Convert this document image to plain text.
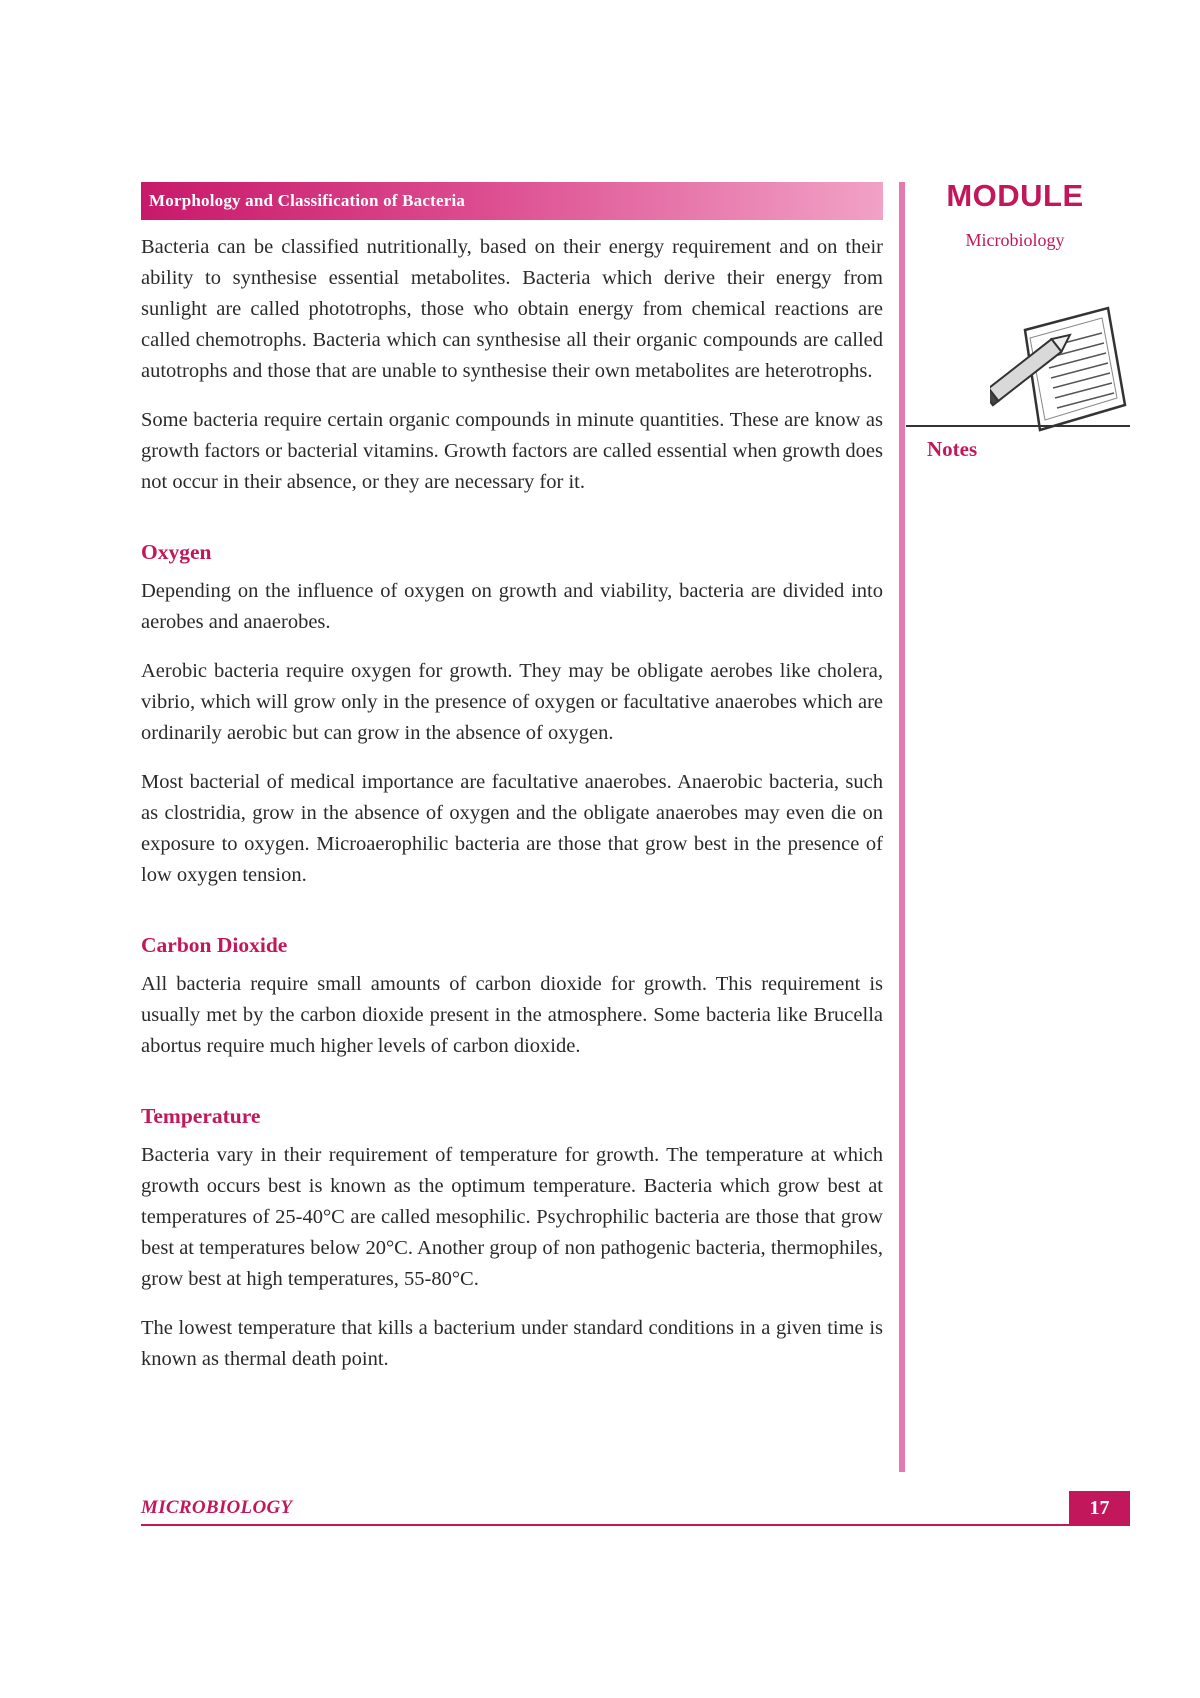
Morphology and Classification of Bacteria	MODULE
Microbiology
Notes

Bacteria can be classified nutritionally, based on their energy requirement and on their ability to synthesise essential metabolites. Bacteria which derive their energy from sunlight are called phototrophs, those who obtain energy from chemical reactions are called chemotrophs. Bacteria which can synthesise all their organic compounds are called autotrophs and those that are unable to synthesise their own metabolites are heterotrophs.

Some bacteria require certain organic compounds in minute quantities. These are know as growth factors or bacterial vitamins. Growth factors are called essential when growth does not occur in their absence, or they are necessary for it.

Oxygen

Depending on the influence of oxygen on growth and viability, bacteria are divided into aerobes and anaerobes.

Aerobic bacteria require oxygen for growth. They may be obligate aerobes like cholera, vibrio, which will grow only in the presence of oxygen or facultative anaerobes which are ordinarily aerobic but can grow in the absence of oxygen.

Most bacterial of medical importance are facultative anaerobes. Anaerobic bacteria, such as clostridia, grow in the absence of oxygen and the obligate anaerobes may even die on exposure to oxygen. Microaerophilic bacteria are those that grow best in the presence of low oxygen tension.

Carbon Dioxide

All bacteria require small amounts of carbon dioxide for growth. This requirement is usually met by the carbon dioxide present in the atmosphere. Some bacteria like Brucella abortus require much higher levels of carbon dioxide.

Temperature

Bacteria vary in their requirement of temperature for growth. The temperature at which growth occurs best is known as the optimum temperature. Bacteria which grow best at temperatures of 25-40°C are called mesophilic. Psychrophilic bacteria are those that grow best at temperatures below 20°C. Another group of non pathogenic bacteria, thermophiles, grow best at high temperatures, 55-80°C.

The lowest temperature that kills a bacterium under standard conditions in a given time is known as thermal death point.

MICROBIOLOGY	17
